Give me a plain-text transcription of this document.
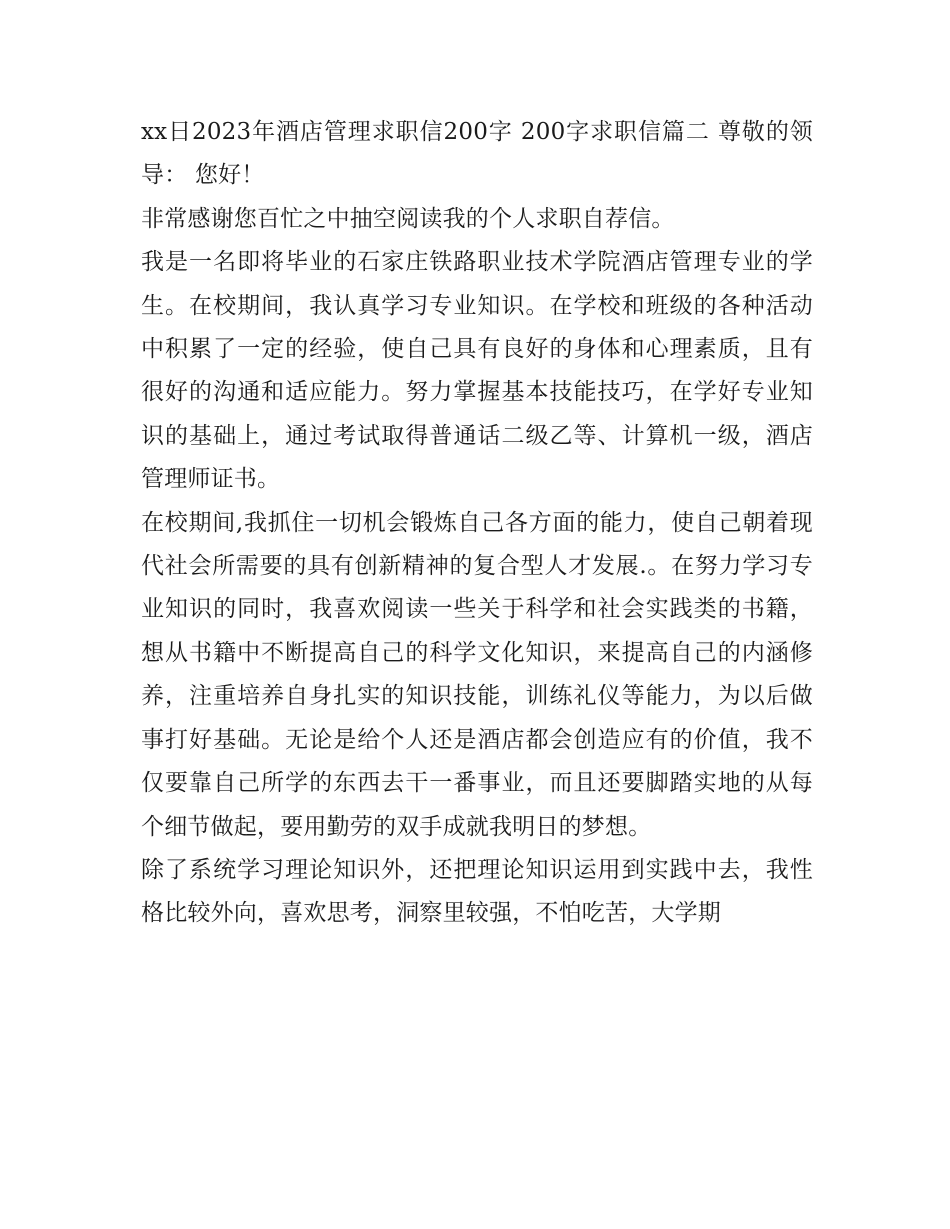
xx日2023年酒店管理求职信200字 200字求职信篇二 尊敬的领导： 您好！

非常感谢您百忙之中抽空阅读我的个人求职自荐信。

我是一名即将毕业的石家庄铁路职业技术学院酒店管理专业的学生。在校期间，我认真学习专业知识。在学校和班级的各种活动中积累了一定的经验，使自己具有良好的身体和心理素质，且有很好的沟通和适应能力。努力掌握基本技能技巧，在学好专业知识的基础上，通过考试取得普通话二级乙等、计算机一级，酒店管理师证书。

在校期间,我抓住一切机会锻炼自己各方面的能力，使自己朝着现代社会所需要的具有创新精神的复合型人才发展.。在努力学习专业知识的同时，我喜欢阅读一些关于科学和社会实践类的书籍，想从书籍中不断提高自己的科学文化知识，来提高自己的内涵修养，注重培养自身扎实的知识技能，训练礼仪等能力，为以后做事打好基础。无论是给个人还是酒店都会创造应有的价值，我不仅要靠自己所学的东西去干一番事业，而且还要脚踏实地的从每个细节做起，要用勤劳的双手成就我明日的梦想。

除了系统学习理论知识外，还把理论知识运用到实践中去，我性格比较外向，喜欢思考，洞察里较强，不怕吃苦，大学期
